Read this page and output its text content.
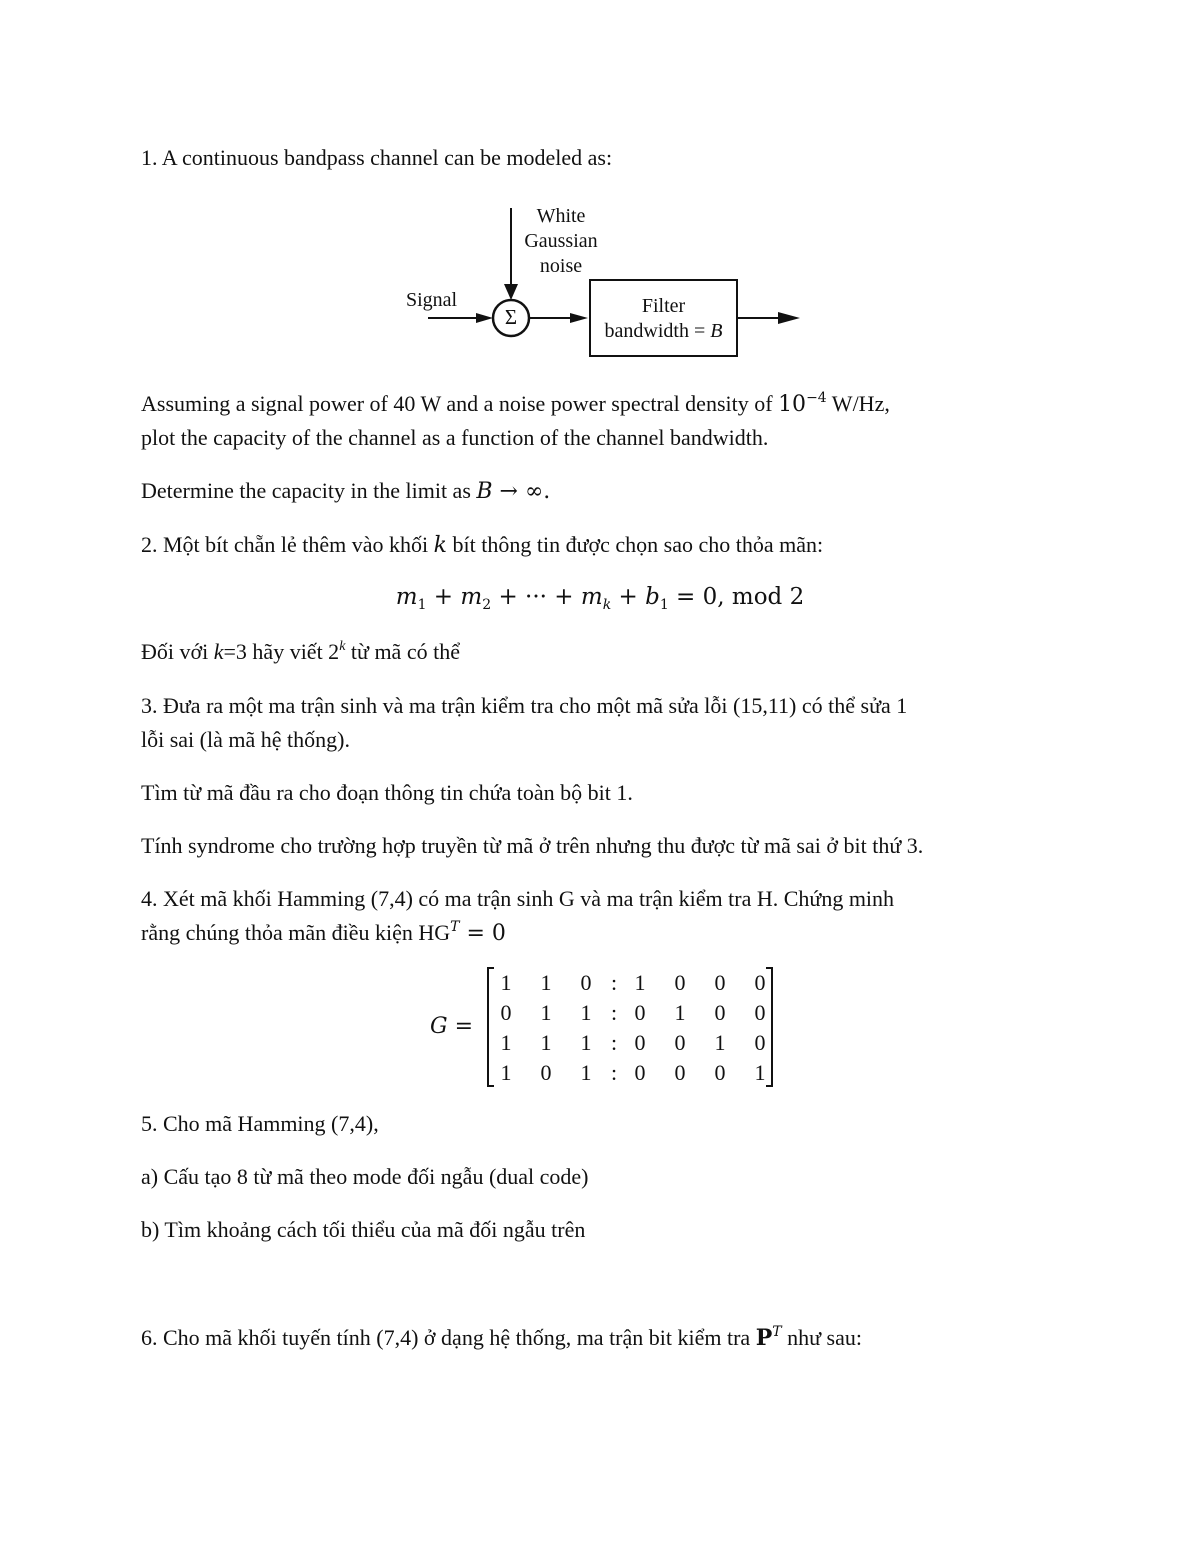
1. A continuous bandpass channel can be modeled as:
White
Gaussian
noise
Signal
Σ	Filter
bandwidth = B
Assuming a signal power of 40 W and a noise power spectral density of $10^{-4}$ W/Hz,
plot the capacity of the channel as a function of the channel bandwidth.
Determine the capacity in the limit as B → ∞.
2. Một bít chẵn lẻ thêm vào khối k bít thông tin được chọn sao cho thỏa mãn:
$m_1 + m_2$ + ··· + $m_k + b_1 = 0$, mod 2
Đối với k=3 hãy viết 2$^k$ từ mã có thể
3. Đưa ra một ma trận sinh và ma trận kiểm tra cho một mã sửa lỗi (15,11) có thể sửa 1
lỗi sai (là mã hệ thống).
Tìm từ mã đầu ra cho đoạn thông tin chứa toàn bộ bit 1.
Tính syndrome cho trường hợp truyền từ mã ở trên nhưng thu được từ mã sai ở bit thứ 3.
4. Xét mã khối Hamming (7,4) có ma trận sinh G và ma trận kiểm tra H. Chứng minh
rằng chúng thỏa mãn điều kiện $HG^T = 0$
G =
1 1 0 : 1 0 0 0
0 1 1 : 0 1 0 0
1 1 1 : 0 0 1 0
1 0 1 : 0 0 0 1
5. Cho mã Hamming (7,4),
a) Cấu tạo 8 từ mã theo mode đối ngẫu (dual code)
b) Tìm khoảng cách tối thiểu của mã đối ngẫu trên
6. Cho mã khối tuyến tính (7,4) ở dạng hệ thống, ma trận bit kiểm tra $P^T$ như sau:
